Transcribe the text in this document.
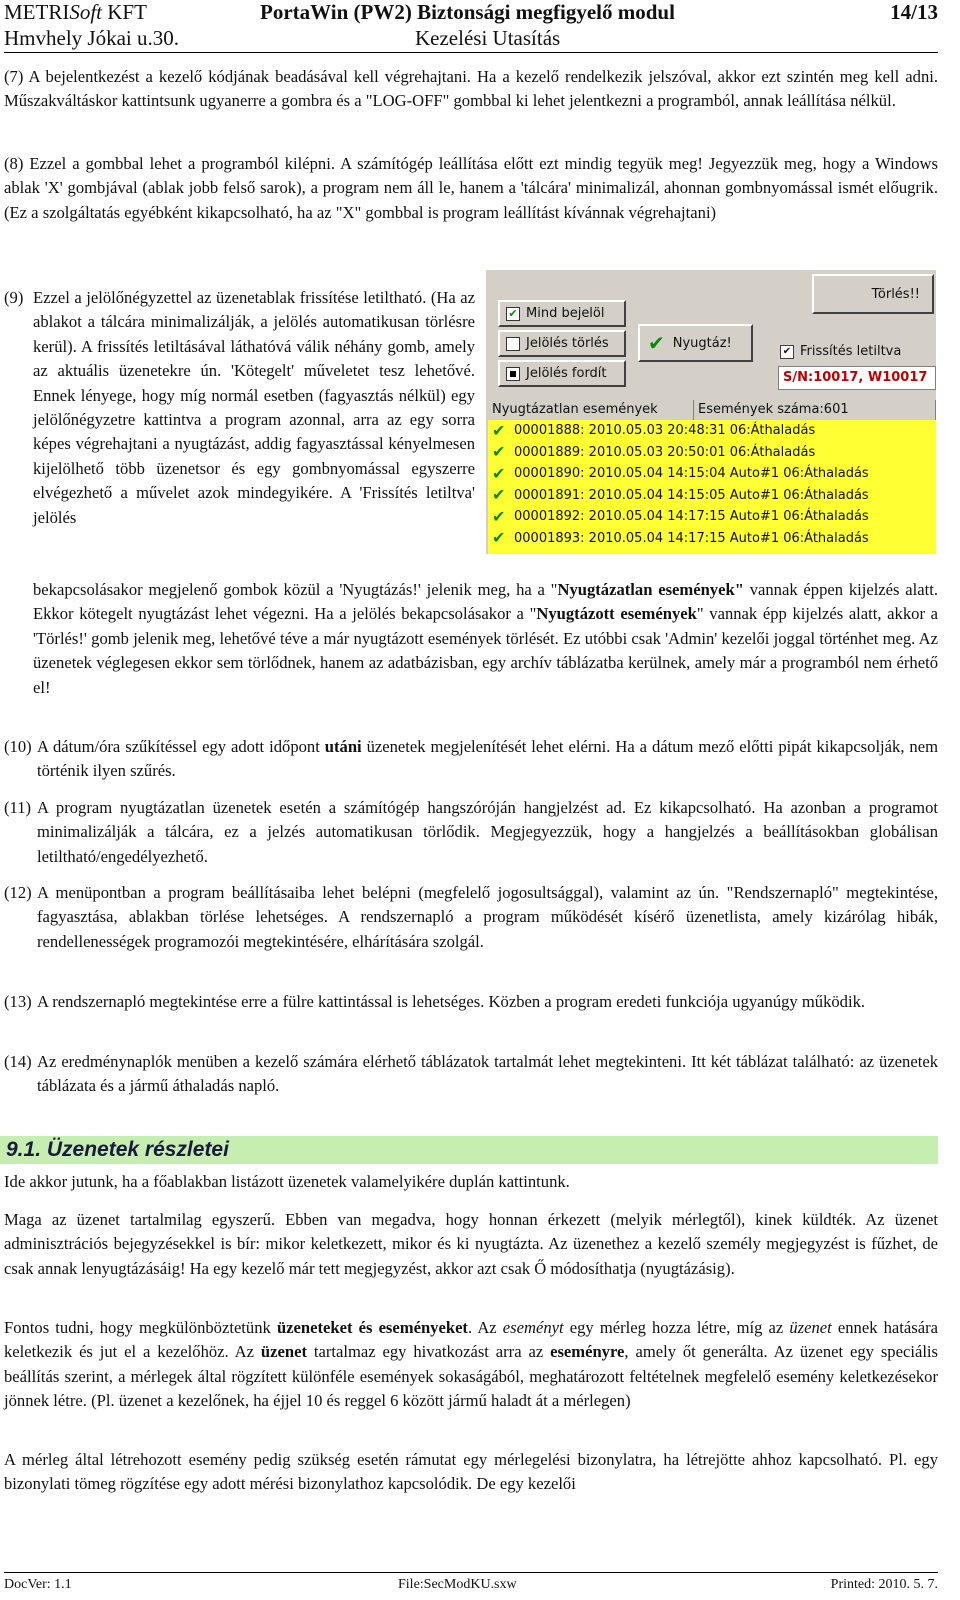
METRISoft KFT
Hmvhely Jókai u.30.
PortaWin (PW2) Biztonsági megfigyelő modul
Kezelési Utasítás
14/13

(7) A bejelentkezést a kezelő kódjának beadásával kell végrehajtani. Ha a kezelő rendelkezik jelszóval, akkor ezt szintén meg kell adni. Műszakváltáskor kattintsunk ugyanerre a gombra és a "LOG-OFF" gombbal ki lehet jelentkezni a programból, annak leállítása nélkül.

(8) Ezzel a gombbal lehet a programból kilépni. A számítógép leállítása előtt ezt mindig tegyük meg! Jegyezzük meg, hogy a Windows ablak 'X' gombjával (ablak jobb felső sarok), a program nem áll le, hanem a 'tálcára' minimalizál, ahonnan gombnyomással ismét előugrik. (Ez a szolgáltatás egyébként kikapcsolható, ha az "X" gombbal is program leállítást kívánnak végrehajtani)

(9) Ezzel a jelölőnégyzettel az üzenetablak frissítése letiltható. (Ha az ablakot a tálcára minimalizálják, a jelölés automatikusan törlésre kerül). A frissítés letiltásával láthatóvá válik néhány gomb, amely az aktuális üzenetekre ún. 'Kötegelt' műveletet tesz lehetővé. Ennek lényege, hogy míg normál esetben (fagyasztás nélkül) egy jelölőnégyzetre kattintva a program azonnal, arra az egy sorra képes végrehajtani a nyugtázást, addig fagyasztással kényelmesen kijelölhető több üzenetsor és egy gombnyomással egyszerre elvégezhető a művelet azok mindegyikére. A 'Frissítés letiltva' jelölés

bekapcsolásakor megjelenő gombok közül a 'Nyugtázás!' jelenik meg, ha a "Nyugtázatlan események" vannak éppen kijelzés alatt. Ekkor kötegelt nyugtázást lehet végezni. Ha a jelölés bekapcsolásakor a "Nyugtázott események" vannak épp kijelzés alatt, akkor a 'Törlés!' gomb jelenik meg, lehetővé téve a már nyugtázott események törlését. Ez utóbbi csak 'Admin' kezelői joggal történhet meg. Az üzenetek véglegesen ekkor sem törlődnek, hanem az adatbázisban, egy archív táblázatba kerülnek, amely már a programból nem érhető el!

Törlés!!
✔ Mind bejelöl
Jelölés törlés
Jelölés fordít
✔ Nyugtáz!
✔ Frissítés letiltva
S/N:10017, W10017
Nyugtázatlan események	Események száma:601
✔ 00001888: 2010.05.03 20:48:31 06:Áthaladás
✔ 00001889: 2010.05.03 20:50:01 06:Áthaladás
✔ 00001890: 2010.05.04 14:15:04 Auto#1 06:Áthaladás
✔ 00001891: 2010.05.04 14:15:05 Auto#1 06:Áthaladás
✔ 00001892: 2010.05.04 14:17:15 Auto#1 06:Áthaladás
✔ 00001893: 2010.05.04 14:17:15 Auto#1 06:Áthaladás
(10) A dátum/óra szűkítéssel egy adott időpont utáni üzenetek megjelenítését lehet elérni. Ha a dátum mező előtti pipát kikapcsolják, nem történik ilyen szűrés.

(11) A program nyugtázatlan üzenetek esetén a számítógép hangszóróján hangjelzést ad. Ez kikapcsolható. Ha azonban a programot minimalizálják a tálcára, ez a jelzés automatikusan törlődik. Megjegyezzük, hogy a hangjelzés a beállításokban globálisan letiltható/engedélyezhető.

(12) A menüpontban a program beállításaiba lehet belépni (megfelelő jogosultsággal), valamint az ún. "Rendszernapló" megtekintése, fagyasztása, ablakban törlése lehetséges. A rendszernapló a program működését kísérő üzenetlista, amely kizárólag hibák, rendellenességek programozói megtekintésére, elhárítására szolgál.

(13) A rendszernapló megtekintése erre a fülre kattintással is lehetséges. Közben a program eredeti funkciója ugyanúgy működik.

(14) Az eredménynaplók menüben a kezelő számára elérhető táblázatok tartalmát lehet megtekinteni. Itt két táblázat található: az üzenetek táblázata és a jármű áthaladás napló.

9.1. Üzenetek részletei

Ide akkor jutunk, ha a főablakban listázott üzenetek valamelyikére duplán kattintunk.

Maga az üzenet tartalmilag egyszerű. Ebben van megadva, hogy honnan érkezett (melyik mérlegtől), kinek küldték. Az üzenet adminisztrációs bejegyzésekkel is bír: mikor keletkezett, mikor és ki nyugtázta. Az üzenethez a kezelő személy megjegyzést is fűzhet, de csak annak lenyugtázásáig! Ha egy kezelő már tett megjegyzést, akkor azt csak Ő módosíthatja (nyugtázásig).

Fontos tudni, hogy megkülönböztetünk üzeneteket és eseményeket. Az eseményt egy mérleg hozza létre, míg az üzenet ennek hatására keletkezik és jut el a kezelőhöz. Az üzenet tartalmaz egy hivatkozást arra az eseményre, amely őt generálta. Az üzenet egy speciális beállítás szerint, a mérlegek által rögzített különféle események sokaságából, meghatározott feltételnek megfelelő esemény keletkezésekor jönnek létre. (Pl. üzenet a kezelőnek, ha éjjel 10 és reggel 6 között jármű haladt át a mérlegen)

A mérleg által létrehozott esemény pedig szükség esetén rámutat egy mérlegelési bizonylatra, ha létrejötte ahhoz kapcsolható. Pl. egy bizonylati tömeg rögzítése egy adott mérési bizonylathoz kapcsolódik. De egy kezelői

DocVer: 1.1	File:SecModKU.sxw	Printed: 2010. 5. 7.
